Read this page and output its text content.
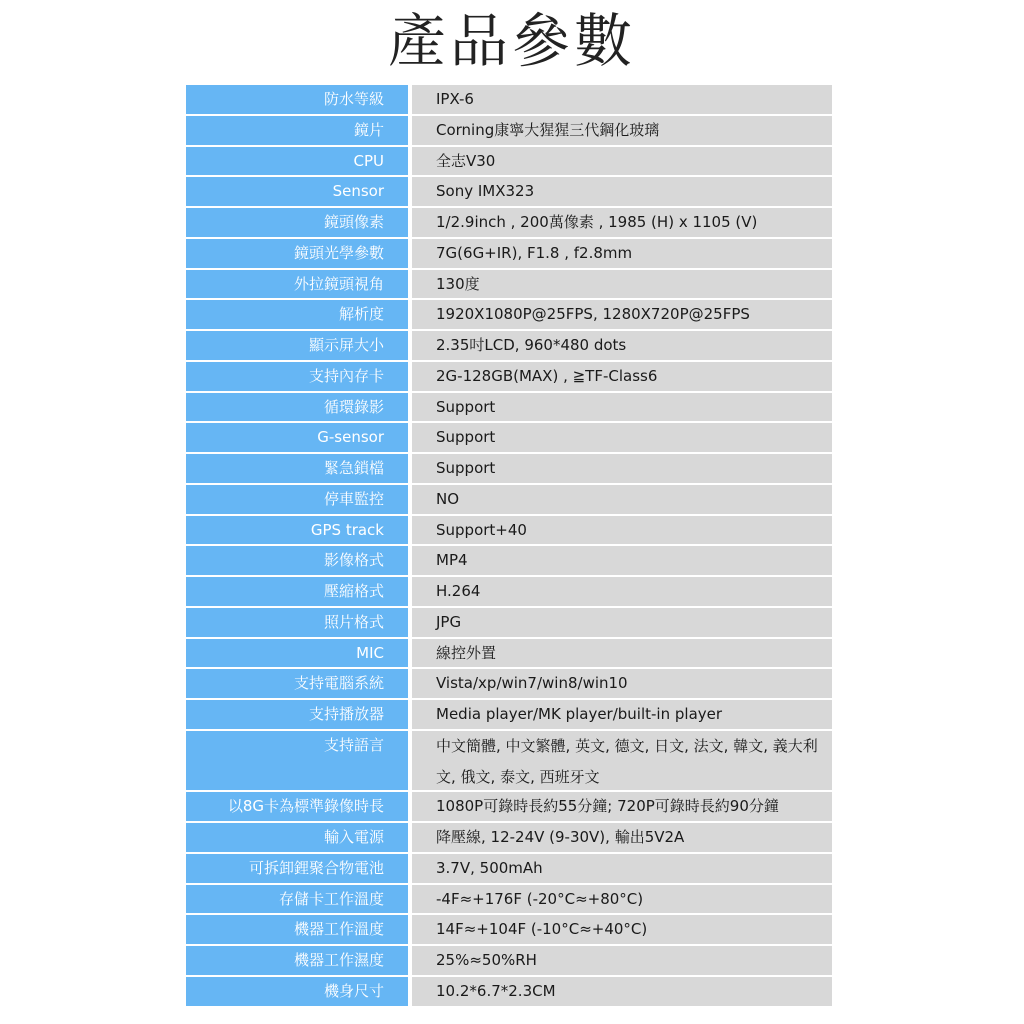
產品參數
防水等級	IPX-6
鏡片	Corning康寧大猩猩三代鋼化玻璃
CPU	全志V30
Sensor	Sony IMX323
鏡頭像素	1/2.9inch , 200萬像素 , 1985 (H) x 1105 (V)
鏡頭光學參數	7G(6G+IR), F1.8 , f2.8mm
外拉鏡頭視角	130度
解析度	1920X1080P@25FPS, 1280X720P@25FPS
顯示屏大小	2.35吋LCD, 960*480 dots
支持內存卡	2G-128GB(MAX) , ≧TF-Class6
循環錄影	Support
G-sensor	Support
緊急鎖檔	Support
停車監控	NO
GPS track	Support+40
影像格式	MP4
壓縮格式	H.264
照片格式	JPG
MIC	線控外置
支持電腦系統	Vista/xp/win7/win8/win10
支持播放器	Media player/MK player/built-in player
支持語言	中文簡體, 中文繁體, 英文, 德文, 日文, 法文, 韓文, 義大利文, 俄文, 泰文, 西班牙文
以8G卡為標準錄像時長	1080P可錄時長約55分鐘; 720P可錄時長約90分鐘
輸入電源	降壓線, 12-24V (9-30V), 輸出5V2A
可拆卸鋰聚合物電池	3.7V, 500mAh
存儲卡工作溫度	-4F≈+176F (-20°C≈+80°C)
機器工作溫度	14F≈+104F (-10°C≈+40°C)
機器工作濕度	25%≈50%RH
機身尺寸	10.2*6.7*2.3CM
